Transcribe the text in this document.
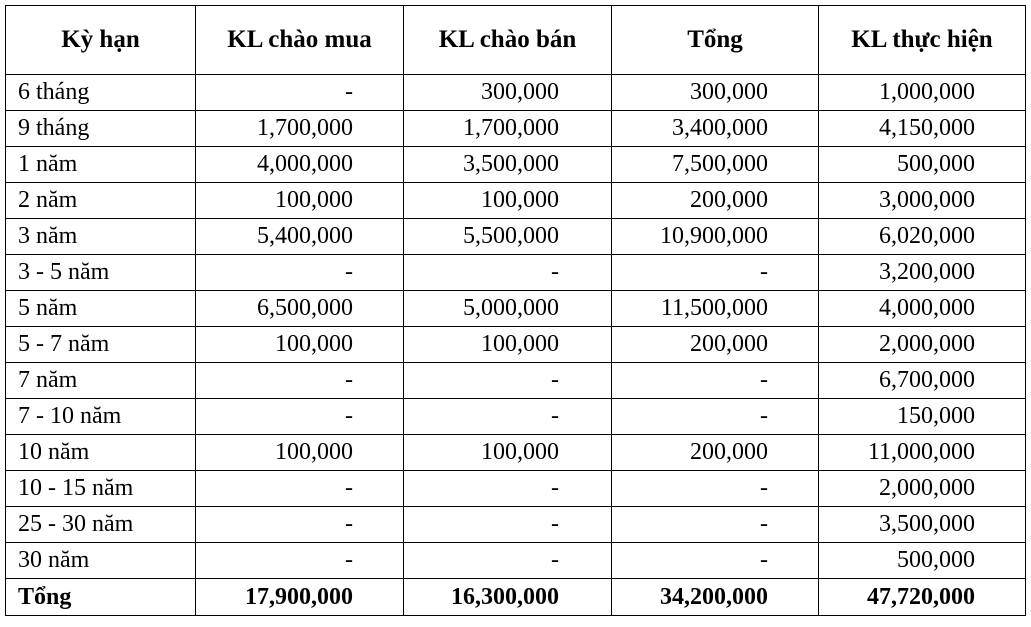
Kỳ hạn	KL chào mua	KL chào bán	Tổng	KL thực hiện
6 tháng	-	300,000	300,000	1,000,000
9 tháng	1,700,000	1,700,000	3,400,000	4,150,000
1 năm	4,000,000	3,500,000	7,500,000	500,000
2 năm	100,000	100,000	200,000	3,000,000
3 năm	5,400,000	5,500,000	10,900,000	6,020,000
3 - 5 năm	-	-	-	3,200,000
5 năm	6,500,000	5,000,000	11,500,000	4,000,000
5 - 7 năm	100,000	100,000	200,000	2,000,000
7 năm	-	-	-	6,700,000
7 - 10 năm	-	-	-	150,000
10 năm	100,000	100,000	200,000	11,000,000
10 - 15 năm	-	-	-	2,000,000
25 - 30 năm	-	-	-	3,500,000
30 năm	-	-	-	500,000
Tổng	17,900,000	16,300,000	34,200,000	47,720,000
